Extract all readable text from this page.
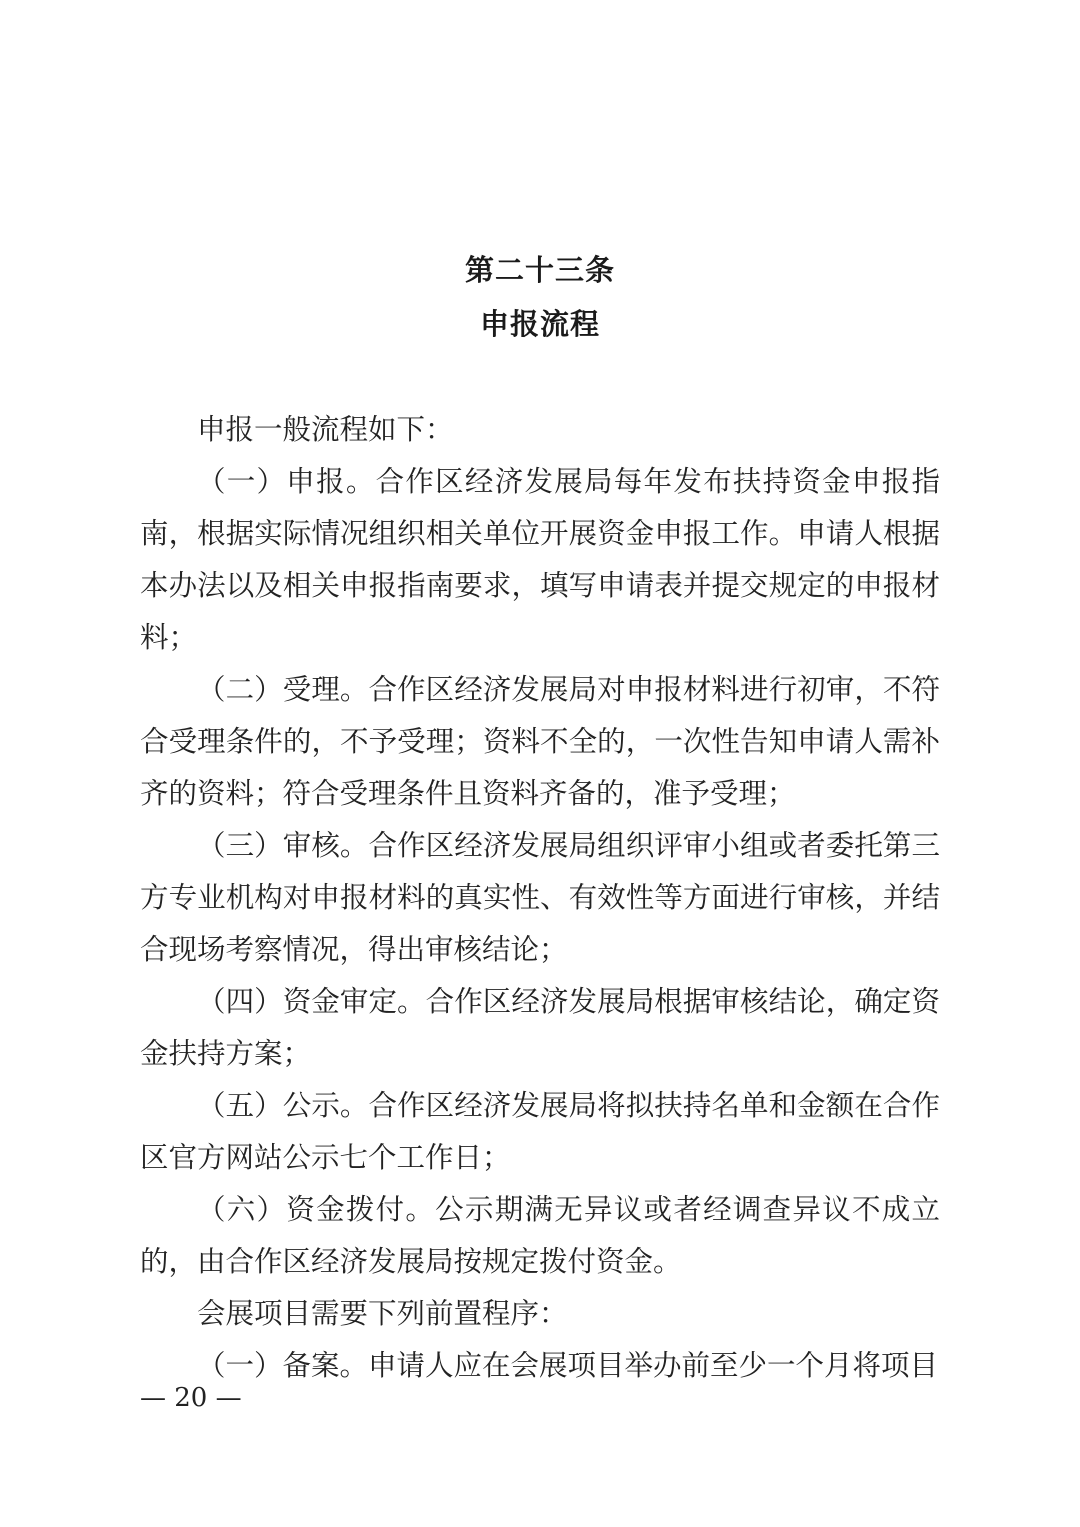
第二十三条
申报流程

申报一般流程如下：

（一）申报。合作区经济发展局每年发布扶持资金申报指南，根据实际情况组织相关单位开展资金申报工作。申请人根据本办法以及相关申报指南要求，填写申请表并提交规定的申报材料；

（二）受理。合作区经济发展局对申报材料进行初审，不符合受理条件的，不予受理；资料不全的，一次性告知申请人需补齐的资料；符合受理条件且资料齐备的，准予受理；

（三）审核。合作区经济发展局组织评审小组或者委托第三方专业机构对申报材料的真实性、有效性等方面进行审核，并结合现场考察情况，得出审核结论；

（四）资金审定。合作区经济发展局根据审核结论，确定资金扶持方案；

（五）公示。合作区经济发展局将拟扶持名单和金额在合作区官方网站公示七个工作日；

（六）资金拨付。公示期满无异议或者经调查异议不成立的，由合作区经济发展局按规定拨付资金。

会展项目需要下列前置程序：

（一）备案。申请人应在会展项目举办前至少一个月将项目

— 20 —
